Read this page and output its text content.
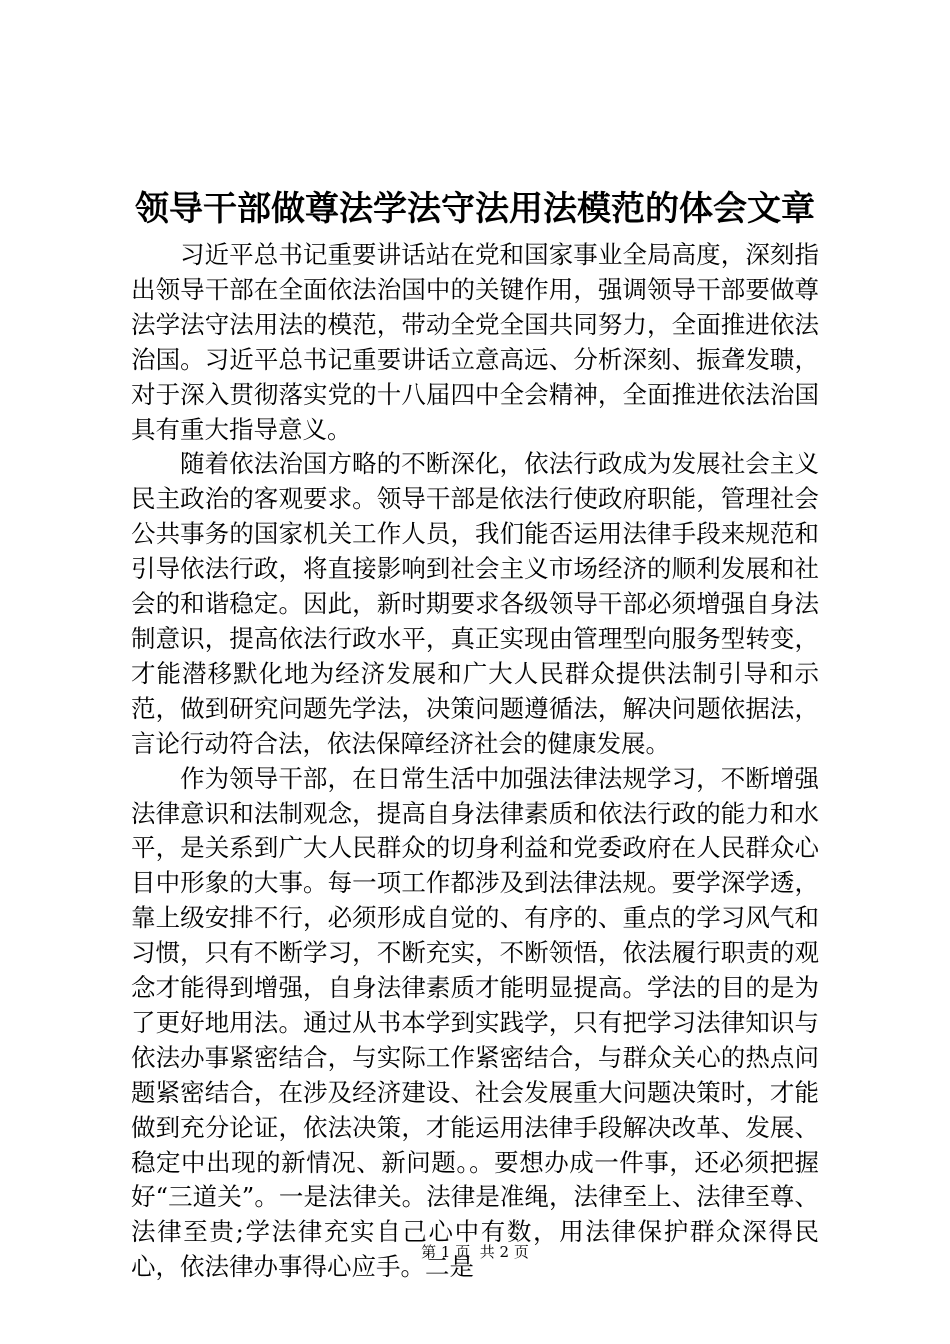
领导干部做尊法学法守法用法模范的体会文章

习近平总书记重要讲话站在党和国家事业全局高度，深刻指出领导干部在全面依法治国中的关键作用，强调领导干部要做尊法学法守法用法的模范，带动全党全国共同努力，全面推进依法治国。习近平总书记重要讲话立意高远、分析深刻、振聋发聩，对于深入贯彻落实党的十八届四中全会精神，全面推进依法治国具有重大指导意义。

随着依法治国方略的不断深化，依法行政成为发展社会主义民主政治的客观要求。领导干部是依法行使政府职能，管理社会公共事务的国家机关工作人员，我们能否运用法律手段来规范和引导依法行政，将直接影响到社会主义市场经济的顺利发展和社会的和谐稳定。因此，新时期要求各级领导干部必须增强自身法制意识，提高依法行政水平，真正实现由管理型向服务型转变，才能潜移默化地为经济发展和广大人民群众提供法制引导和示范，做到研究问题先学法，决策问题遵循法，解决问题依据法，言论行动符合法，依法保障经济社会的健康发展。

作为领导干部，在日常生活中加强法律法规学习，不断增强法律意识和法制观念，提高自身法律素质和依法行政的能力和水平，是关系到广大人民群众的切身利益和党委政府在人民群众心目中形象的大事。每一项工作都涉及到法律法规。要学深学透，靠上级安排不行，必须形成自觉的、有序的、重点的学习风气和习惯，只有不断学习，不断充实，不断领悟，依法履行职责的观念才能得到增强，自身法律素质才能明显提高。学法的目的是为了更好地用法。通过从书本学到实践学，只有把学习法律知识与依法办事紧密结合，与实际工作紧密结合，与群众关心的热点问题紧密结合，在涉及经济建设、社会发展重大问题决策时，才能做到充分论证，依法决策，才能运用法律手段解决改革、发展、稳定中出现的新情况、新问题。。要想办成一件事，还必须把握好“三道关”。一是法律关。法律是准绳，法律至上、法律至尊、法律至贵;学法律充实自己心中有数，用法律保护群众深得民心，依法律办事得心应手。二是

第 1 页  共 2 页
